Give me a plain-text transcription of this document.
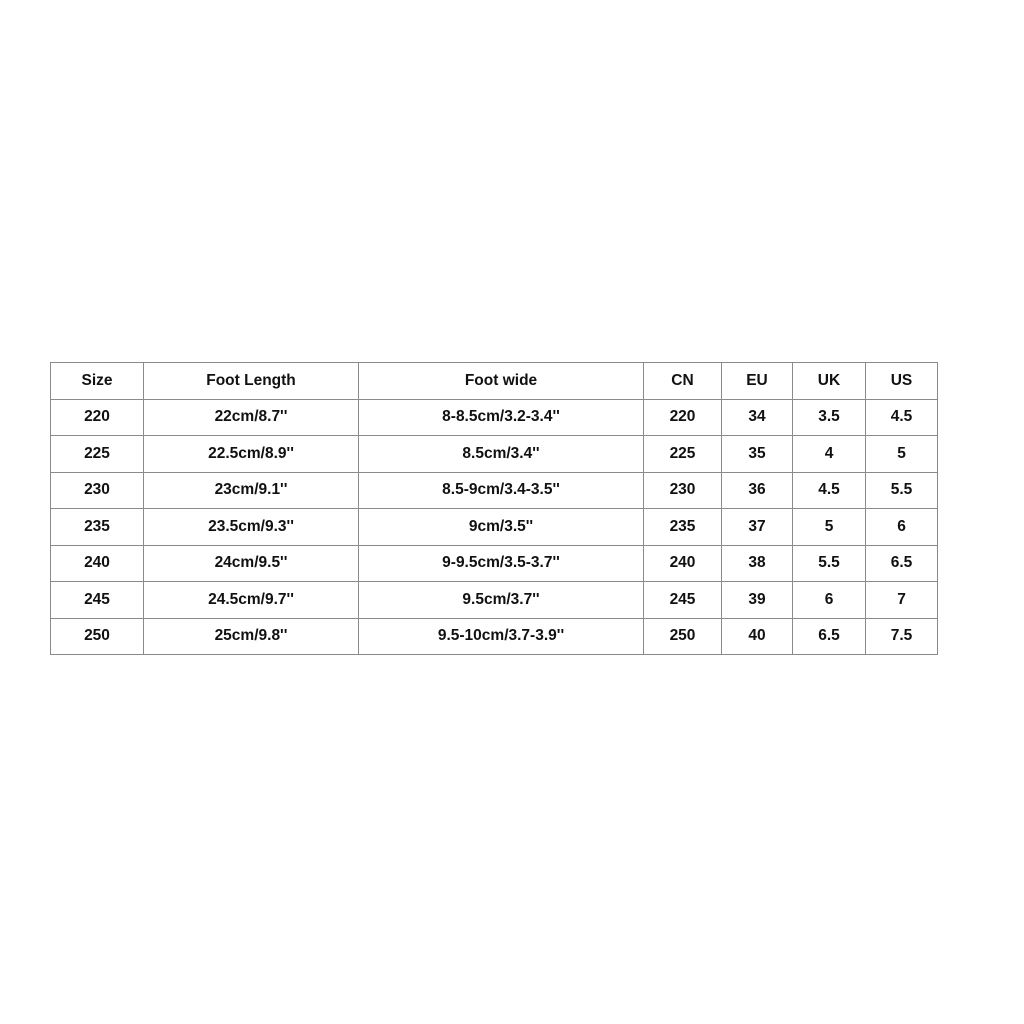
Size	Foot Length	Foot wide	CN	EU	UK	US
220	22cm/8.7''	8-8.5cm/3.2-3.4''	220	34	3.5	4.5
225	22.5cm/8.9''	8.5cm/3.4''	225	35	4	5
230	23cm/9.1''	8.5-9cm/3.4-3.5''	230	36	4.5	5.5
235	23.5cm/9.3''	9cm/3.5''	235	37	5	6
240	24cm/9.5''	9-9.5cm/3.5-3.7''	240	38	5.5	6.5
245	24.5cm/9.7''	9.5cm/3.7''	245	39	6	7
250	25cm/9.8''	9.5-10cm/3.7-3.9''	250	40	6.5	7.5
